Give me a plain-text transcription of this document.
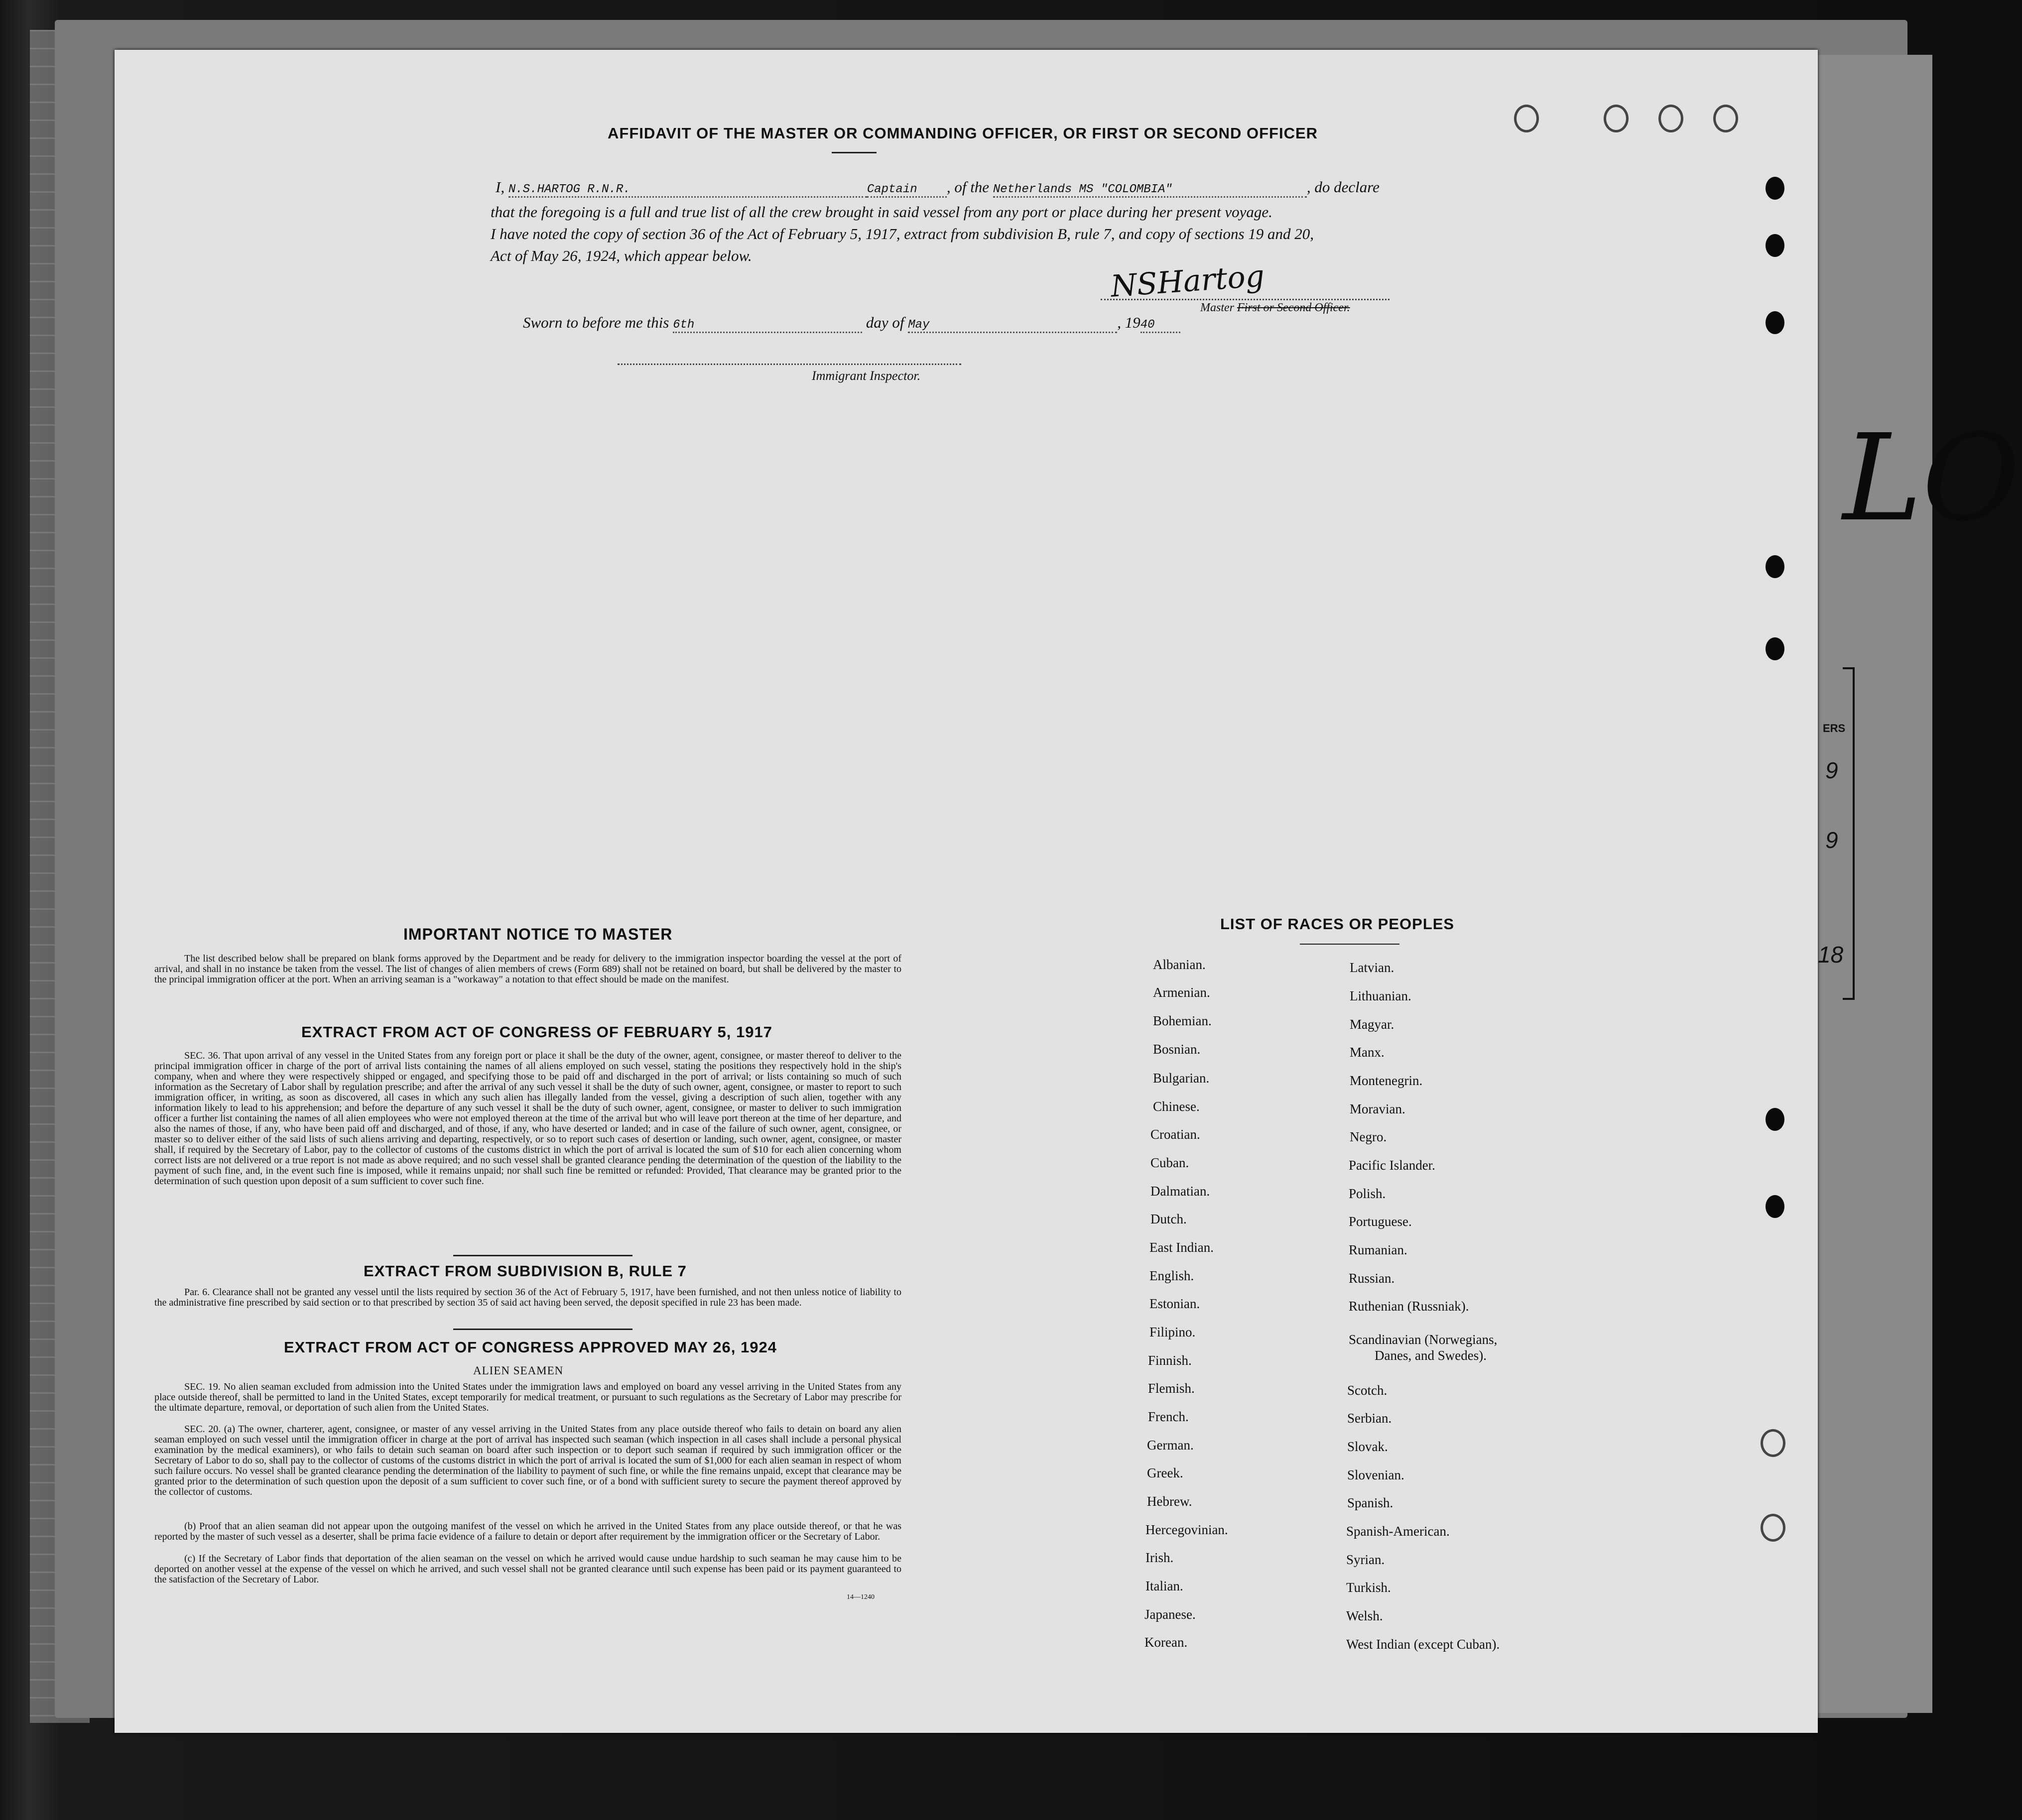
LO
ERS
9
9
18
AFFIDAVIT OF THE MASTER OR COMMANDING OFFICER, OR FIRST OR SECOND OFFICER
I, N.S.HARTOG R.N.R.	Captain , of the Netherlands MS "COLOMBIA"	, do declare
that the foregoing is a full and true list of all the crew brought in said vessel from any port or place during her present voyage.
I have noted the copy of section 36 of the Act of February 5, 1917, extract from subdivision B, rule 7, and copy of sections 19 and 20,
Act of May 26, 1924, which appear below.
NSHartog
Master First or Second Officer.
Sworn to before me this 6th	day of May	, 1940
Immigrant Inspector.
IMPORTANT NOTICE TO MASTER
The list described below shall be prepared on blank forms approved by the Department and be ready for delivery to the immigration inspector boarding the vessel at the port of arrival, and shall in no instance be taken from the vessel. The list of changes of alien members of crews (Form 689) shall not be retained on board, but shall be delivered by the master to the principal immigration officer at the port. When an arriving seaman is a "workaway" a notation to that effect should be made on the manifest.
EXTRACT FROM ACT OF CONGRESS OF FEBRUARY 5, 1917
SEC. 36. That upon arrival of any vessel in the United States from any foreign port or place it shall be the duty of the owner, agent, consignee, or master thereof to deliver to the principal immigration officer in charge of the port of arrival lists containing the names of all aliens employed on such vessel, stating the positions they respectively hold in the ship's company, when and where they were respectively shipped or engaged, and specifying those to be paid off and discharged in the port of arrival; or lists containing so much of such information as the Secretary of Labor shall by regulation prescribe; and after the arrival of any such vessel it shall be the duty of such owner, agent, consignee, or master to report to such immigration officer, in writing, as soon as discovered, all cases in which any such alien has illegally landed from the vessel, giving a description of such alien, together with any information likely to lead to his apprehension; and before the departure of any such vessel it shall be the duty of such owner, agent, consignee, or master to deliver to such immigration officer a further list containing the names of all alien employees who were not employed thereon at the time of the arrival but who will leave port thereon at the time of her departure, and also the names of those, if any, who have been paid off and discharged, and of those, if any, who have deserted or landed; and in case of the failure of such owner, agent, consignee, or master so to deliver either of the said lists of such aliens arriving and departing, respectively, or so to report such cases of desertion or landing, such owner, agent, consignee, or master shall, if required by the Secretary of Labor, pay to the collector of customs of the customs district in which the port of arrival is located the sum of $10 for each alien concerning whom correct lists are not delivered or a true report is not made as above required; and no such vessel shall be granted clearance pending the determination of the question of the liability to the payment of such fine, and, in the event such fine is imposed, while it remains unpaid; nor shall such fine be remitted or refunded: Provided, That clearance may be granted prior to the determination of such question upon deposit of a sum sufficient to cover such fine.
EXTRACT FROM SUBDIVISION B, RULE 7
Par. 6. Clearance shall not be granted any vessel until the lists required by section 36 of the Act of February 5, 1917, have been furnished, and not then unless notice of liability to the administrative fine prescribed by said section or to that prescribed by section 35 of said act having been served, the deposit specified in rule 23 has been made.
EXTRACT FROM ACT OF CONGRESS APPROVED MAY 26, 1924
ALIEN SEAMEN
SEC. 19. No alien seaman excluded from admission into the United States under the immigration laws and employed on board any vessel arriving in the United States from any place outside thereof, shall be permitted to land in the United States, except temporarily for medical treatment, or pursuant to such regulations as the Secretary of Labor may prescribe for the ultimate departure, removal, or deportation of such alien from the United States.
SEC. 20. (a) The owner, charterer, agent, consignee, or master of any vessel arriving in the United States from any place outside thereof who fails to detain on board any alien seaman employed on such vessel until the immigration officer in charge at the port of arrival has inspected such seaman (which inspection in all cases shall include a personal physical examination by the medical examiners), or who fails to detain such seaman on board after such inspection or to deport such seaman if required by such immigration officer or the Secretary of Labor to do so, shall pay to the collector of customs of the customs district in which the port of arrival is located the sum of $1,000 for each alien seaman in respect of whom such failure occurs. No vessel shall be granted clearance pending the determination of the liability to payment of such fine, or while the fine remains unpaid, except that clearance may be granted prior to the determination of such question upon the deposit of a sum sufficient to cover such fine, or of a bond with sufficient surety to secure the payment thereof approved by the collector of customs.
(b) Proof that an alien seaman did not appear upon the outgoing manifest of the vessel on which he arrived in the United States from any place outside thereof, or that he was reported by the master of such vessel as a deserter, shall be prima facie evidence of a failure to detain or deport after requirement by the immigration officer or the Secretary of Labor.
(c) If the Secretary of Labor finds that deportation of the alien seaman on the vessel on which he arrived would cause undue hardship to such seaman he may cause him to be deported on another vessel at the expense of the vessel on which he arrived, and such vessel shall not be granted clearance until such expense has been paid or its payment guaranteed to the satisfaction of the Secretary of Labor.
14—1240
LIST OF RACES OR PEOPLES
Albanian.
Armenian.
Bohemian.
Bosnian.
Bulgarian.
Chinese.
Croatian.
Cuban.
Dalmatian.
Dutch.
East Indian.
English.
Estonian.
Filipino.
Finnish.
Flemish.
French.
German.
Greek.
Hebrew.
Hercegovinian.
Irish.
Italian.
Japanese.
Korean.
Latvian.
Lithuanian.
Magyar.
Manx.
Montenegrin.
Moravian.
Negro.
Pacific Islander.
Polish.
Portuguese.
Rumanian.
Russian.
Ruthenian (Russniak).
Scandinavian (Norwegians,
Danes, and Swedes).
Scotch.
Serbian.
Slovak.
Slovenian.
Spanish.
Spanish-American.
Syrian.
Turkish.
Welsh.
West Indian (except Cuban).
